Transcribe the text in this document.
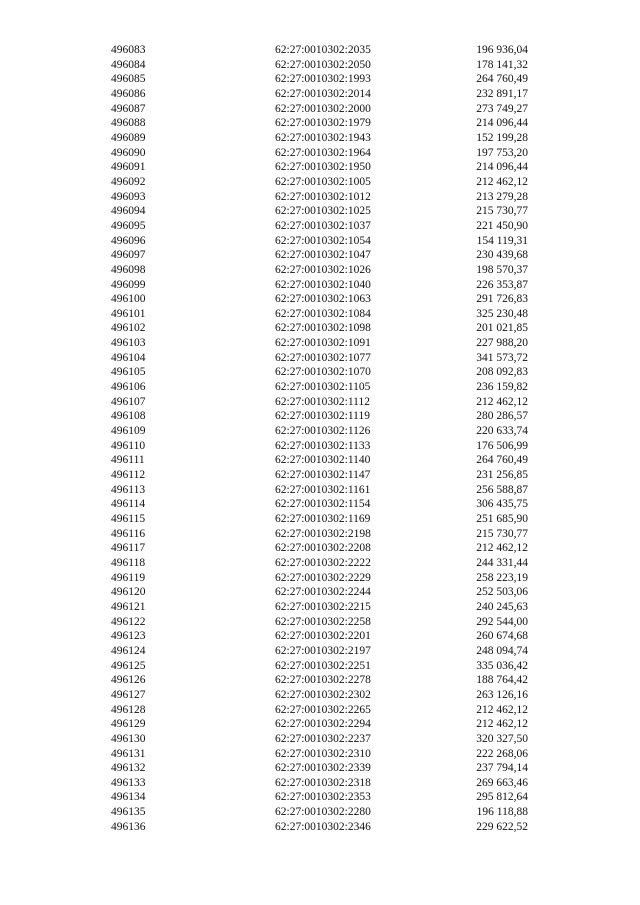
496083	62:27:0010302:2035	196 936,04
496084	62:27:0010302:2050	178 141,32
496085	62:27:0010302:1993	264 760,49
496086	62:27:0010302:2014	232 891,17
496087	62:27:0010302:2000	273 749,27
496088	62:27:0010302:1979	214 096,44
496089	62:27:0010302:1943	152 199,28
496090	62:27:0010302:1964	197 753,20
496091	62:27:0010302:1950	214 096,44
496092	62:27:0010302:1005	212 462,12
496093	62:27:0010302:1012	213 279,28
496094	62:27:0010302:1025	215 730,77
496095	62:27:0010302:1037	221 450,90
496096	62:27:0010302:1054	154 119,31
496097	62:27:0010302:1047	230 439,68
496098	62:27:0010302:1026	198 570,37
496099	62:27:0010302:1040	226 353,87
496100	62:27:0010302:1063	291 726,83
496101	62:27:0010302:1084	325 230,48
496102	62:27:0010302:1098	201 021,85
496103	62:27:0010302:1091	227 988,20
496104	62:27:0010302:1077	341 573,72
496105	62:27:0010302:1070	208 092,83
496106	62:27:0010302:1105	236 159,82
496107	62:27:0010302:1112	212 462,12
496108	62:27:0010302:1119	280 286,57
496109	62:27:0010302:1126	220 633,74
496110	62:27:0010302:1133	176 506,99
496111	62:27:0010302:1140	264 760,49
496112	62:27:0010302:1147	231 256,85
496113	62:27:0010302:1161	256 588,87
496114	62:27:0010302:1154	306 435,75
496115	62:27:0010302:1169	251 685,90
496116	62:27:0010302:2198	215 730,77
496117	62:27:0010302:2208	212 462,12
496118	62:27:0010302:2222	244 331,44
496119	62:27:0010302:2229	258 223,19
496120	62:27:0010302:2244	252 503,06
496121	62:27:0010302:2215	240 245,63
496122	62:27:0010302:2258	292 544,00
496123	62:27:0010302:2201	260 674,68
496124	62:27:0010302:2197	248 094,74
496125	62:27:0010302:2251	335 036,42
496126	62:27:0010302:2278	188 764,42
496127	62:27:0010302:2302	263 126,16
496128	62:27:0010302:2265	212 462,12
496129	62:27:0010302:2294	212 462,12
496130	62:27:0010302:2237	320 327,50
496131	62:27:0010302:2310	222 268,06
496132	62:27:0010302:2339	237 794,14
496133	62:27:0010302:2318	269 663,46
496134	62:27:0010302:2353	295 812,64
496135	62:27:0010302:2280	196 118,88
496136	62:27:0010302:2346	229 622,52
